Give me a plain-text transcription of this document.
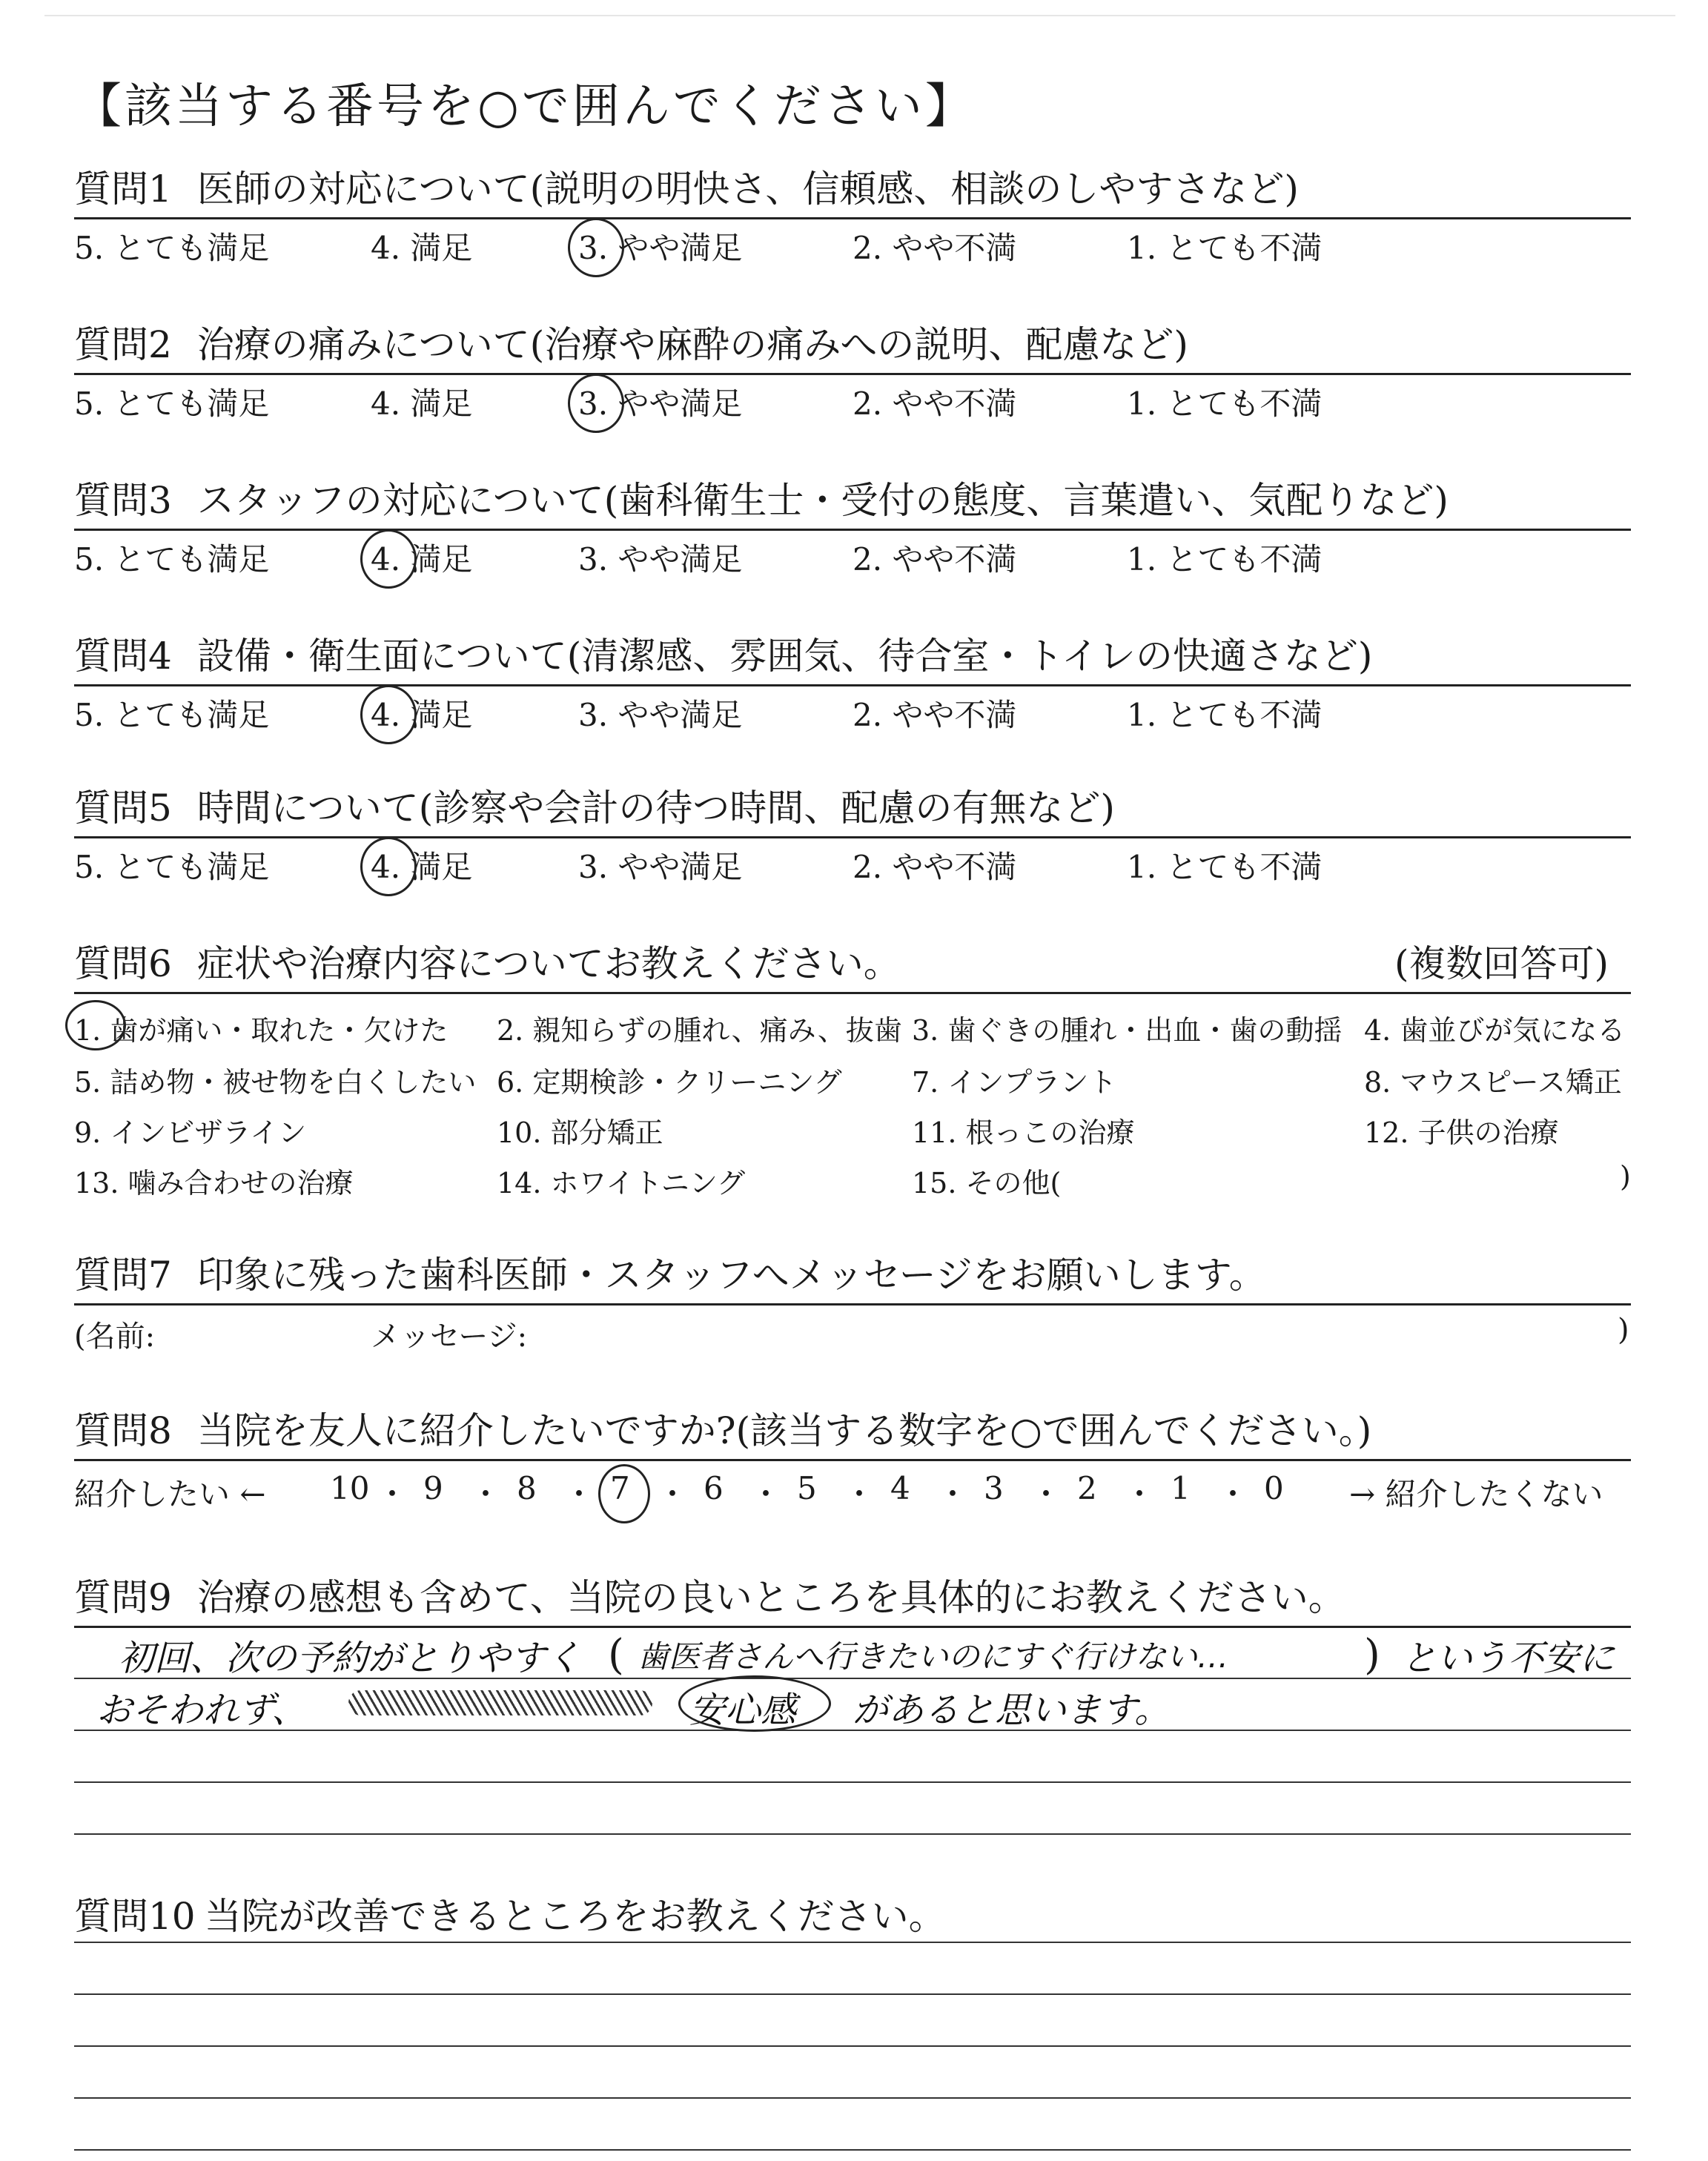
【該当する番号を○で囲んでください】
質問1 医師の対応について(説明の明快さ、信頼感、相談のしやすさなど)
5. とても満足	4. 満足	3. やや満足	2. やや不満	1. とても不満
質問2 治療の痛みについて(治療や麻酔の痛みへの説明、配慮など)
5. とても満足	4. 満足	3. やや満足	2. やや不満	1. とても不満
質問3 スタッフの対応について(歯科衛生士・受付の態度、言葉遣い、気配りなど)
5. とても満足	4. 満足	3. やや満足	2. やや不満	1. とても不満
質問4 設備・衛生面について(清潔感、雰囲気、待合室・トイレの快適さなど)
5. とても満足	4. 満足	3. やや満足	2. やや不満	1. とても不満
質問5 時間について(診察や会計の待つ時間、配慮の有無など)
5. とても満足	4. 満足	3. やや満足	2. やや不満	1. とても不満
質問6 症状や治療内容についてお教えください。	(複数回答可)
1. 歯が痛い・取れた・欠けた 2. 親知らずの腫れ、痛み、抜歯 3. 歯ぐきの腫れ・出血・歯の動揺 4. 歯並びが気になる
5. 詰め物・被せ物を白くしたい 6. 定期検診・クリーニング 7. インプラント	8. マウスピース矯正
9. インビザライン	10. 部分矯正	11. 根っこの治療	12. 子供の治療
13. 噛み合わせの治療	14. ホワイトニング	15. その他(	)
質問7 印象に残った歯科医師・スタッフへメッセージをお願いします。
(名前:	メッセージ:	)
質問8 当院を友人に紹介したいですか?(該当する数字を○で囲んでください。)
紹介したい ←	→ 紹介したくない
10 ・ 9 ・ 8 ・ 7 ・ 6 ・ 5 ・ 4 ・ 3 ・ 2 ・ 1 ・ 0
質問9 治療の感想も含めて、当院の良いところを具体的にお教えください。
初回、次の予約がとりやすく ( 歯医者さんへ行きたいのにすぐ行けない…	) という不安に
おそわれず、	安心感 があると思います。
質問10 当院が改善できるところをお教えください。
